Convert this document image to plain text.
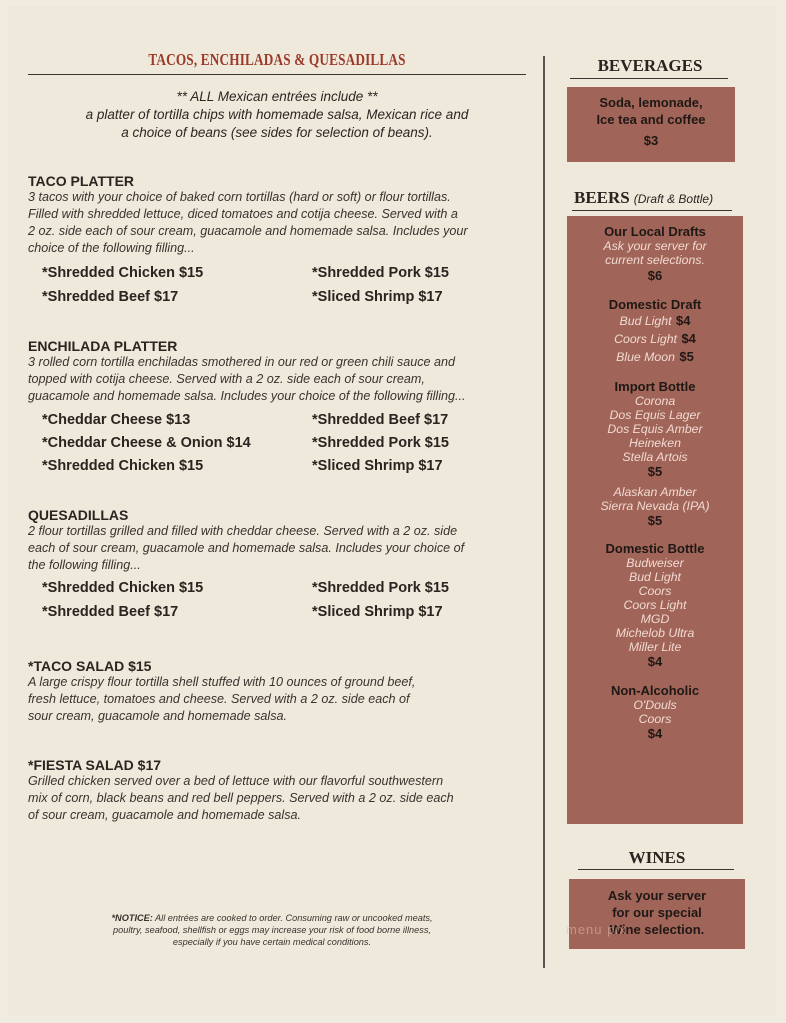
TACOS, ENCHILADAS & QUESADILLAS
** ALL Mexican entrées include **
a platter of tortilla chips with homemade salsa, Mexican rice and
a choice of beans (see sides for selection of beans).
TACO PLATTER
3 tacos with your choice of baked corn tortillas (hard or soft) or flour tortillas.
Filled with shredded lettuce, diced tomatoes and cotija cheese. Served with a
2 oz. side each of sour cream, guacamole and homemade salsa. Includes your
choice of the following filling...
*Shredded Chicken $15	*Shredded Pork $15
*Shredded Beef $17	*Sliced Shrimp $17
ENCHILADA PLATTER
3 rolled corn tortilla enchiladas smothered in our red or green chili sauce and
topped with cotija cheese. Served with a 2 oz. side each of sour cream,
guacamole and homemade salsa. Includes your choice of the following filling...
*Cheddar Cheese $13	*Shredded Beef $17
*Cheddar Cheese & Onion $14	*Shredded Pork $15
*Shredded Chicken $15	*Sliced Shrimp $17
QUESADILLAS
2 flour tortillas grilled and filled with cheddar cheese. Served with a 2 oz. side
each of sour cream, guacamole and homemade salsa. Includes your choice of
the following filling...
*Shredded Chicken $15	*Shredded Pork $15
*Shredded Beef $17	*Sliced Shrimp $17
*TACO SALAD $15
A large crispy flour tortilla shell stuffed with 10 ounces of ground beef,
fresh lettuce, tomatoes and cheese. Served with a 2 oz. side each of
sour cream, guacamole and homemade salsa.
*FIESTA SALAD $17
Grilled chicken served over a bed of lettuce with our flavorful southwestern
mix of corn, black beans and red bell peppers. Served with a 2 oz. side each
of sour cream, guacamole and homemade salsa.
*NOTICE: All entrées are cooked to order. Consuming raw or uncooked meats,
poultry, seafood, shellfish or eggs may increase your risk of food borne illness,
especially if you have certain medical conditions.
BEVERAGES
Soda, lemonade,
Ice tea and coffee
$3
BEERS (Draft & Bottle)
Our Local Drafts
Ask your server for
current selections.
$6
Domestic Draft
Bud Light $4
Coors Light $4
Blue Moon $5
Import Bottle
Corona
Dos Equis Lager
Dos Equis Amber
Heineken
Stella Artois
$5
Alaskan Amber
Sierra Nevada (IPA)
$5
Domestic Bottle
Budweiser
Bud Light
Coors
Coors Light
MGD
Michelob Ultra
Miller Lite
$4
Non-Alcoholic
O'Douls
Coors
$4
WINES
Ask your server
for our special
Wine selection.
menu pix
